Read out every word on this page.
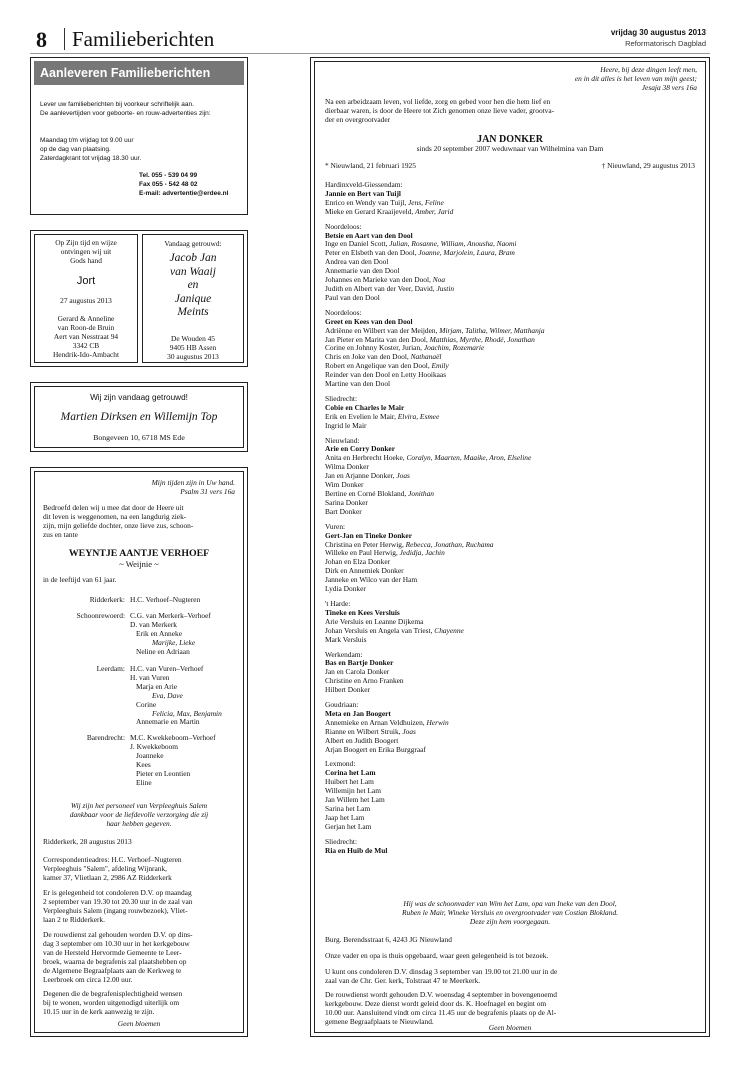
8 Familieberichten	vrijdag 30 augustus 2013
Reformatorisch Dagblad
Aanleveren Familieberichten
Lever uw familieberichten bij voorkeur schriftelijk aan.
De aanlevertijden voor geboorte- en rouw-advertenties zijn:
Maandag t/m vrijdag tot 9.00 uur
op de dag van plaatsing.
Zaterdagkrant tot vrijdag 18.30 uur.
Tel. 055 - 539 04 99
Fax 055 - 542 48 02
E-mail: advertentie@erdee.nl
Op Zijn tijd en wijze
ontvingen wij uit
Gods hand
Jort
27 augustus 2013
Gerard & Anneline
van Roon-de Bruin
Aert van Nesstraat 94
3342 CB
Hendrik-Ido-Ambacht
Vandaag getrouwd:
Jacob Jan
van Waaij
en
Janique
Meints
De Wouden 45
9405 HB Assen
30 augustus 2013
Wij zijn vandaag getrouwd!
Martien Dirksen en Willemijn Top
Bongeveen 10, 6718 MS Ede
Mijn tijden zijn in Uw hand.
Psalm 31 vers 16a
Bedroefd delen wij u mee dat door de Heere uit
dit leven is weggenomen, na een langdurig ziek-
zijn, mijn geliefde dochter, onze lieve zus, schoon-
zus en tante
WEYNTJE AANTJE VERHOEF
~ Weijnie ~
in de leeftijd van 61 jaar.
Ridderkerk: H.C. Verhoef–Nugteren
Schoonrewoerd: C.G. van Merkerk–Verhoef
D. van Merkerk
Erik en Anneke
Marijke, Lieke
Neline en Adriaan
Leerdam: H.C. van Vuren–Verhoef
H. van Vuren
Marja en Arie
Eva, Dave
Corine
Felicia, Max, Benjamin
Annemarie en Martin
Barendrecht: M.C. Kwekkeboom–Verhoef
J. Kwekkeboom
Joanneke
Kees
Pieter en Leontien
Eline
Wij zijn het personeel van Verpleeghuis Salem
dankbaar voor de liefdevolle verzorging die zij
haar hebben gegeven.
Ridderkerk, 28 augustus 2013
Correspondentieadres: H.C. Verhoef–Nugteren
Verpleeghuis "Salem", afdeling Wijnrank,
kamer 37, Vlietlaan 2, 2986 AZ Ridderkerk
Er is gelegenheid tot condoleren D.V. op maandag
2 september van 19.30 tot 20.30 uur in de zaal van
Verpleeghuis Salem (ingang rouwbezoek), Vliet-
laan 2 te Ridderkerk.
De rouwdienst zal gehouden worden D.V. op dins-
dag 3 september om 10.30 uur in het kerkgebouw
van de Hersteld Hervormde Gemeente te Leer-
broek, waarna de begrafenis zal plaatshebben op
de Algemene Begraafplaats aan de Kerkweg te
Leerbroek om circa 12.00 uur.
Degenen die de begrafenisplechtigheid wensen
bij te wonen, worden uitgenodigd uiterlijk om
10.15 uur in de kerk aanwezig te zijn.
Geen bloemen
Heere, bij deze dingen leeft men,
en in dit alles is het leven van mijn geest;
Jesaja 38 vers 16a
Na een arbeidzaam leven, vol liefde, zorg en gebed voor hen die hem lief en
dierbaar waren, is door de Heere tot Zich genomen onze lieve vader, grootva-
der en overgrootvader
JAN DONKER
sinds 20 september 2007 weduwnaar van Wilhelmina van Dam
* Nieuwland, 21 februari 1925	† Nieuwland, 29 augustus 2013
Hardinxveld-Giessendam:
Jannie en Bert van Tuijl
Enrico en Wendy van Tuijl, Jens, Feline
Mieke en Gerard Kraaijeveld, Amber, Jarid
Noordeloos:
Betsie en Aart van den Dool
Inge en Daniel Scott, Julian, Rosanne, William, Anousha, Naomi
Peter en Elsbeth van den Dool, Joanne, Marjolein, Laura, Bram
Andrea van den Dool
Annemarie van den Dool
Johannes en Marieke van den Dool, Noa
Judith en Albert van der Veer, David, Justin
Paul van den Dool
Noordeloos:
Greet en Kees van den Dool
Adriënne en Wilbert van der Meijden, Mirjam, Talitha, Wilmer, Matthanja
Jan Pieter en Marita van den Dool, Matthias, Myrthe, Rhodé, Jonathan
Corine en Johnny Koster, Jurian, Joachim, Rozemarie
Chris en Joke van den Dool, Nathanaël
Robert en Angelique van den Dool, Emily
Reinder van den Dool en Letty Hooikaas
Martine van den Dool
Sliedrecht:
Cobie en Charles le Mair
Erik en Evelien le Mair, Elvira, Esmee
Ingrid le Mair
Nieuwland:
Arie en Corry Donker
Anita en Herbrecht Hoeke, Coralyn, Maarten, Maaike, Aron, Elseline
Wilma Donker
Jan en Arjanne Donker, Joas
Wim Donker
Bertine en Corné Blokland, Jonithan
Sarina Donker
Bart Donker
Vuren:
Gert-Jan en Tineke Donker
Christina en Peter Herwig, Rebecca, Jonathan, Ruchama
Willeke en Paul Herwig, Jedidja, Jachin
Johan en Elza Donker
Dirk en Annemiek Donker
Janneke en Wilco van der Ham
Lydia Donker
't Harde:
Tineke en Kees Versluis
Arie Versluis en Leanne Dijkema
Johan Versluis en Angela van Triest, Chayenne
Mark Versluis
Werkendam:
Bas en Bartje Donker
Jan en Carola Donker
Christine en Arno Franken
Hilbert Donker
Goudriaan:
Meta en Jan Boogert
Annemieke en Arnan Veldhuizen, Herwin
Rianne en Wilbert Struik, Joas
Albert en Judith Boogert
Arjan Boogert en Erika Burggraaf
Lexmond:
Corina het Lam
Huibert het Lam
Willemijn het Lam
Jan Willem het Lam
Sarina het Lam
Jaap het Lam
Gerjan het Lam
Sliedrecht:
Ria en Huib de Mul
Hij was de schoonvader van Wim het Lam, opa van Ineke van den Dool,
Ruben le Mair, Wineke Versluis en overgrootvader van Costian Blokland.
Deze zijn hem voorgegaan.
Burg. Berendsstraat 6, 4243 JG Nieuwland
Onze vader en opa is thuis opgebaard, waar geen gelegenheid is tot bezoek.
U kunt ons condoleren D.V. dinsdag 3 september van 19.00 tot 21.00 uur in de
zaal van de Chr. Ger. kerk, Tolstraat 47 te Meerkerk.
De rouwdienst wordt gehouden D.V. woensdag 4 september in bovengenoemd
kerkgebouw. Deze dienst wordt geleid door ds. K. Hoefnagel en begint om
10.00 uur. Aansluitend vindt om circa 11.45 uur de begrafenis plaats op de Al-
gemene Begraafplaats te Nieuwland.
Geen bloemen
